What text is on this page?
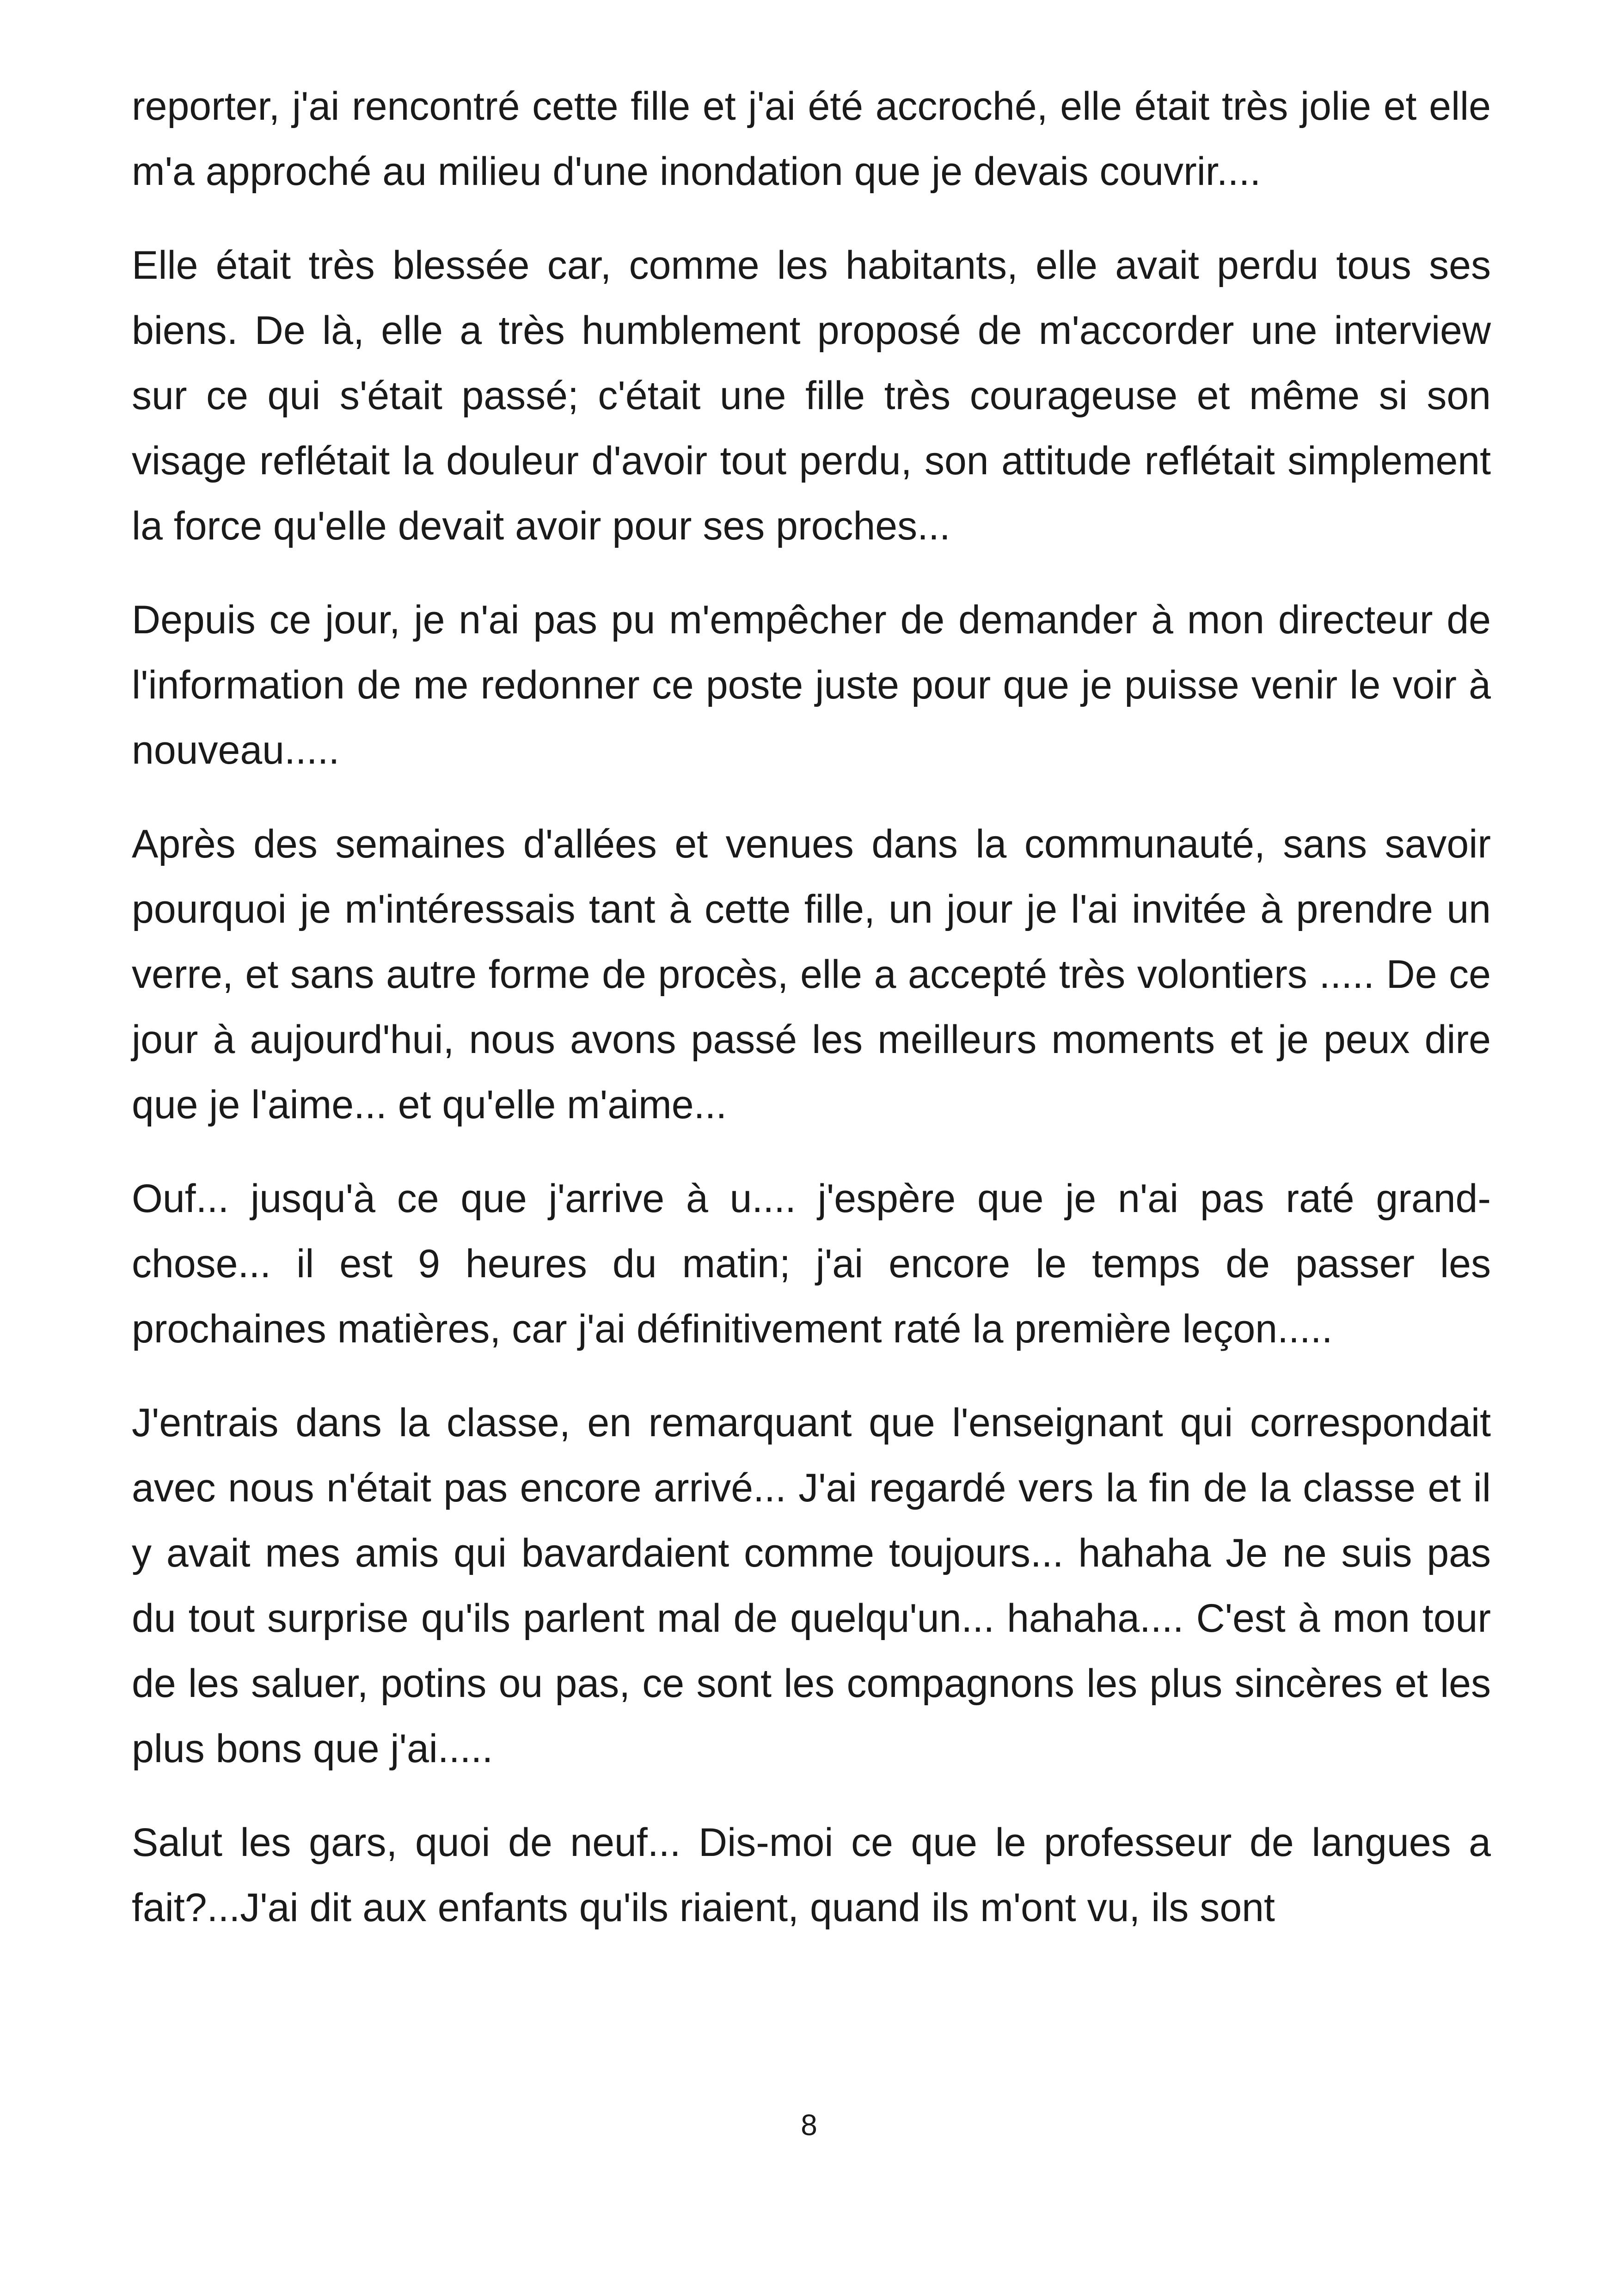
reporter, j'ai rencontré cette fille et j'ai été accroché, elle était très jolie et elle m'a approché au milieu d'une inondation que je devais couvrir....

Elle était très blessée car, comme les habitants, elle avait perdu tous ses biens. De là, elle a très humblement proposé de m'accorder une interview sur ce qui s'était passé; c'était une fille très courageuse et même si son visage reflétait la douleur d'avoir tout perdu, son attitude reflétait simplement la force qu'elle devait avoir pour ses proches...

Depuis ce jour, je n'ai pas pu m'empêcher de demander à mon directeur de l'information de me redonner ce poste juste pour que je puisse venir le voir à nouveau.....

Après des semaines d'allées et venues dans la communauté, sans savoir pourquoi je m'intéressais tant à cette fille, un jour je l'ai invitée à prendre un verre, et sans autre forme de procès, elle a accepté très volontiers ..... De ce jour à aujourd'hui, nous avons passé les meilleurs moments et je peux dire que je l'aime... et qu'elle m'aime...

Ouf... jusqu'à ce que j'arrive à u.... j'espère que je n'ai pas raté grand-chose... il est 9 heures du matin; j'ai encore le temps de passer les prochaines matières, car j'ai définitivement raté la première leçon.....

J'entrais dans la classe, en remarquant que l'enseignant qui correspondait avec nous n'était pas encore arrivé... J'ai regardé vers la fin de la classe et il y avait mes amis qui bavardaient comme toujours... hahaha Je ne suis pas du tout surprise qu'ils parlent mal de quelqu'un... hahaha.... C'est à mon tour de les saluer, potins ou pas, ce sont les compagnons les plus sincères et les plus bons que j'ai.....

Salut les gars, quoi de neuf... Dis-moi ce que le professeur de langues a fait?...J'ai dit aux enfants qu'ils riaient, quand ils m'ont vu, ils sont

8
